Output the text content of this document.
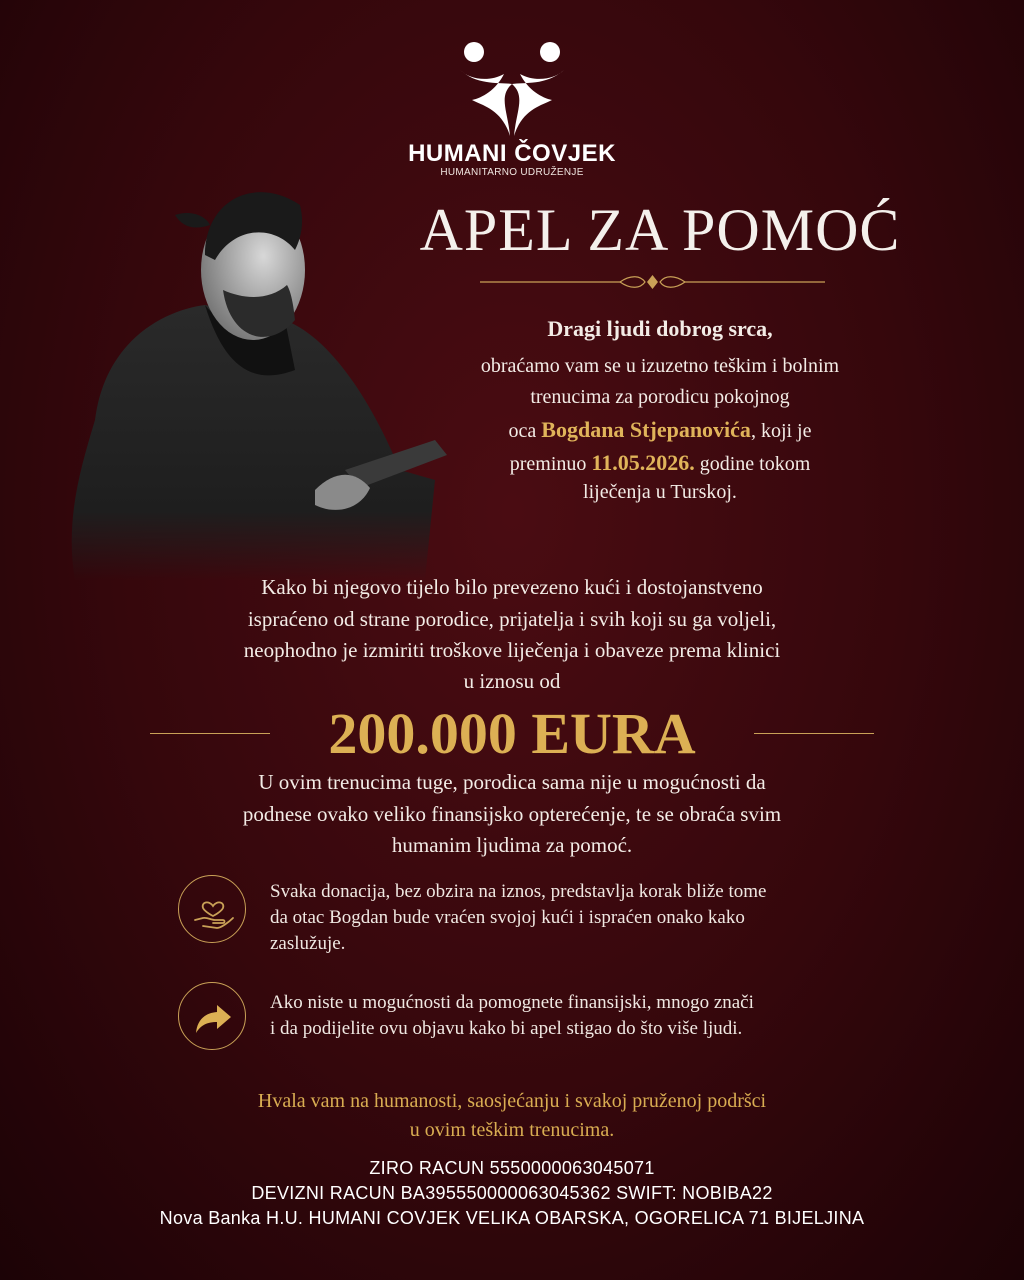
HUMANI ČOVJEK
HUMANITARNO UDRUŽENJE
APEL ZA POMOĆ
Dragi ljudi dobrog srca,
obraćamo vam se u izuzetno teškim i bolnim
trenucima za porodicu pokojnog
oca Bogdana Stjepanovića, koji je
preminuo 11.05.2026. godine tokom
liječenja u Turskoj.
Kako bi njegovo tijelo bilo prevezeno kući i dostojanstveno
ispraćeno od strane porodice, prijatelja i svih koji su ga voljeli,
neophodno je izmiriti troškove liječenja i obaveze prema klinici
u iznosu od
200.000 EURA
U ovim trenucima tuge, porodica sama nije u mogućnosti da
podnese ovako veliko finansijsko opterećenje, te se obraća svim
humanim ljudima za pomoć.
Svaka donacija, bez obzira na iznos, predstavlja korak bliže tome
da otac Bogdan bude vraćen svojoj kući i ispraćen onako kako
zaslužuje.
Ako niste u mogućnosti da pomognete finansijski, mnogo znači
i da podijelite ovu objavu kako bi apel stigao do što više ljudi.
Hvala vam na humanosti, saosjećanju i svakoj pruženoj podršci
u ovim teškim trenucima.
ZIRO RACUN 5550000063045071
DEVIZNI RACUN BA395550000063045362 SWIFT: NOBIBA22
Nova Banka H.U. HUMANI COVJEK VELIKA OBARSKA, OGORELICA 71 BIJELJINA
